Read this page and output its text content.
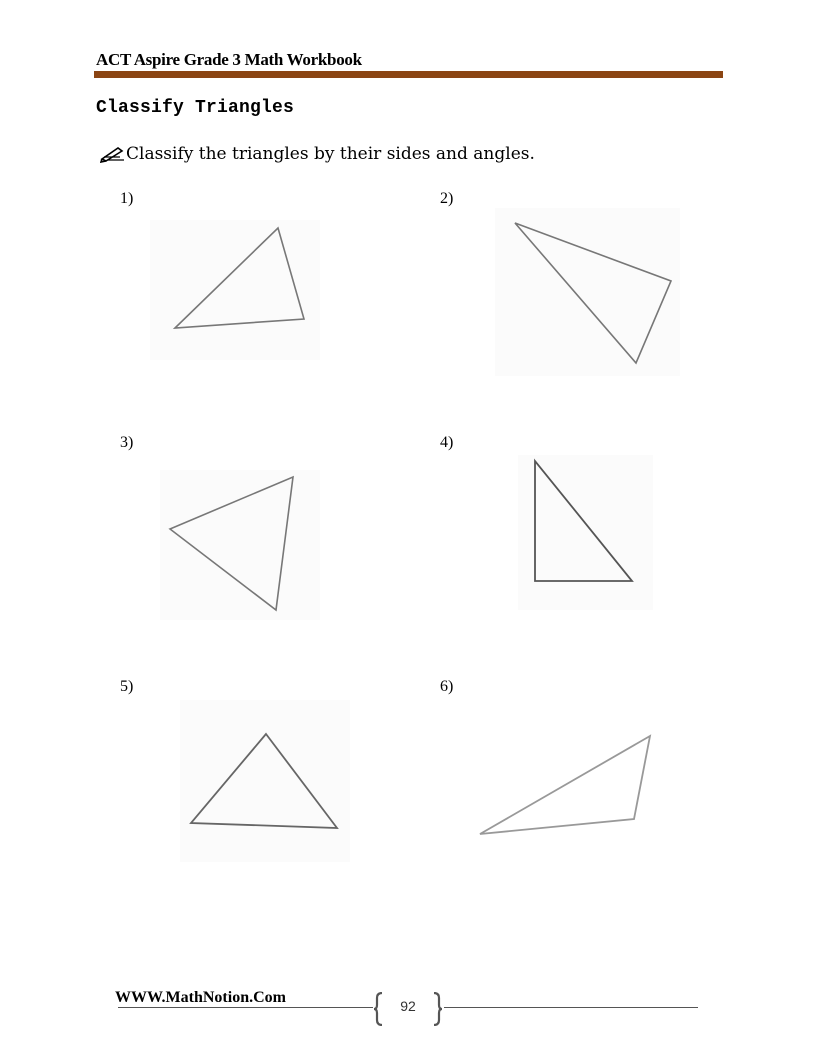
ACT Aspire Grade 3 Math Workbook
Classify Triangles
Classify the triangles by their sides and angles.
1)	2)
3)	4)
5)	6)
WWW.MathNotion.Com	92
